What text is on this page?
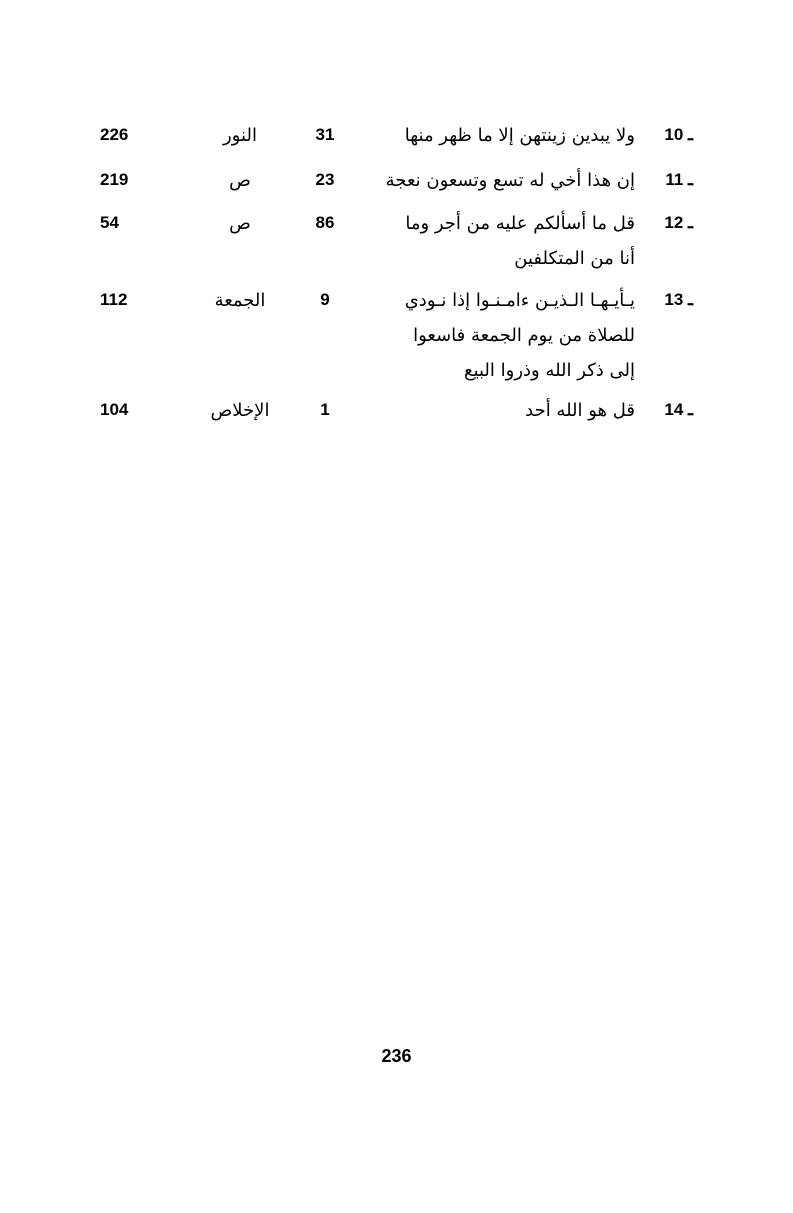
10 ـ
ولا يبدين زينتهن إلا ما ظهر منها
31
النور
226
11 ـ
إن هذا أخي له تسع وتسعون نعجة
23
ص
219
12 ـ
قل ما أسألكم عليه من أجر وما
أنا من المتكلفين
86
ص
54
13 ـ
يـأيـهـا الـذيـن ءامـنـوا إذا نـودي
للصلاة من يوم الجمعة فاسعوا
إلى ذكر الله وذروا البيع
9
الجمعة
112
14 ـ
قل هو الله أحد
1
الإخلاص
104
236
